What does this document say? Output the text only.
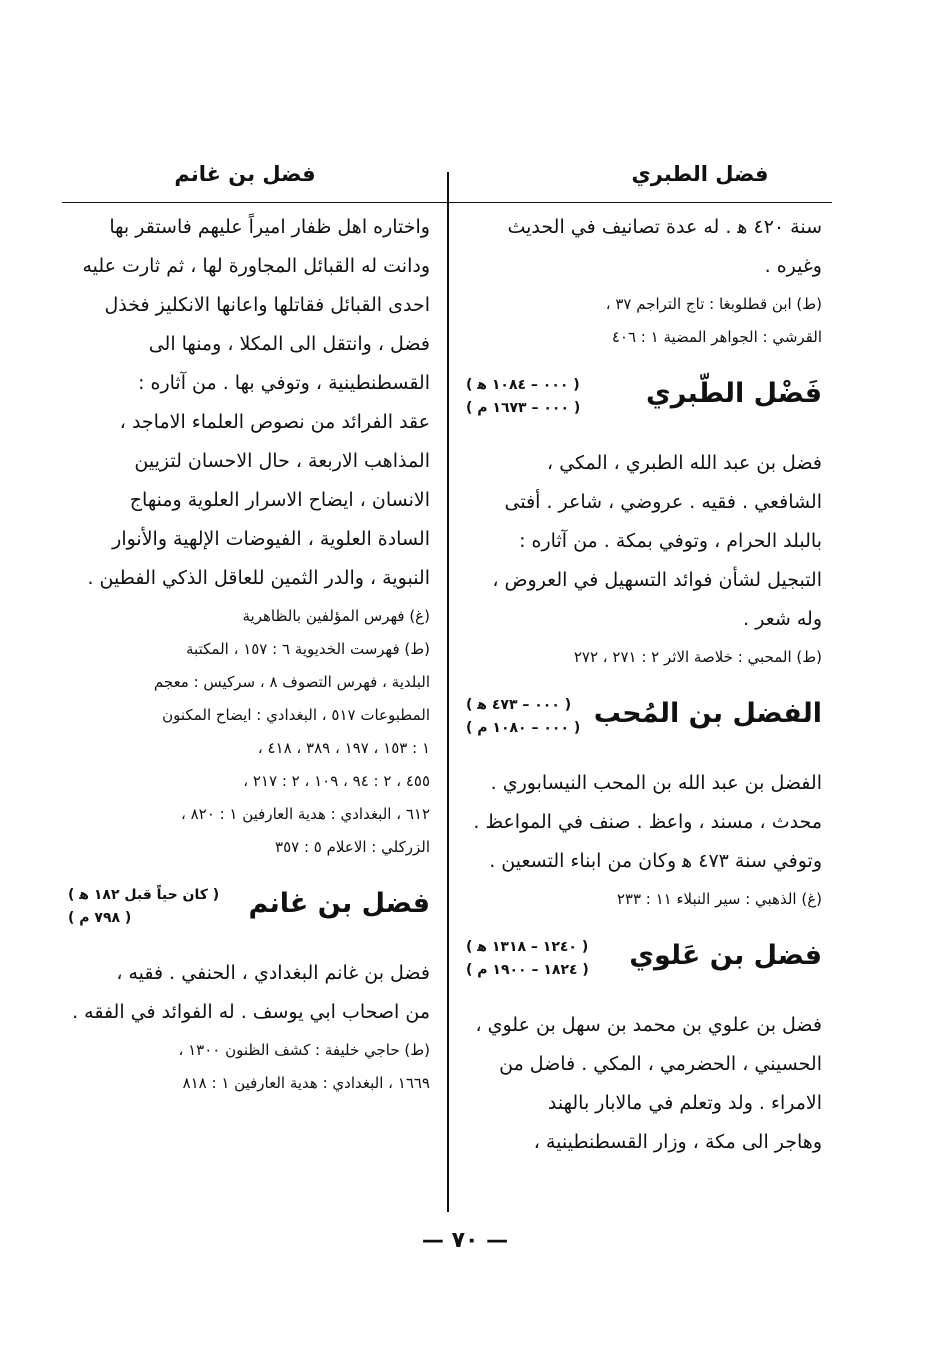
فضل الطبري
فضل بن غانم

سنة ٤٢٠ ﻫ . له عدة تصانيف في الحديث

وغيره .

(ط) ابن قطلوبغا : تاج التراجم ٣٧ ،

القرشي : الجواهر المضية ١ : ٤٠٦

فَضْل الطّبري
( ٠٠٠ – ١٠٨٤ ﻫ )
( ٠٠٠ – ١٦٧٣ م )

فضل بن عبد الله الطبري ، المكي ،

الشافعي . فقيه . عروضي ، شاعر . أفتى

بالبلد الحرام ، وتوفي بمكة . من آثاره :

التبجيل لشأن فوائد التسهيل في العروض ،

وله شعر .

(ط) المحبي : خلاصة الاثر ٢ : ٢٧١ ، ٢٧٢

الفضل بن المُحب
( ٠٠٠ – ٤٧٣ ﻫ )
( ٠٠٠ – ١٠٨٠ م )

الفضل بن عبد الله بن المحب النيسابوري .

محدث ، مسند ، واعظ . صنف في المواعظ .

وتوفي سنة ٤٧٣ ﻫ وكان من ابناء التسعين .

(غ) الذهبي : سير النبلاء ١١ : ٢٣٣

فضل بن عَلوي
( ١٢٤٠ – ١٣١٨ ﻫ )
( ١٨٢٤ – ١٩٠٠ م )

فضل بن علوي بن محمد بن سهل بن علوي ،

الحسيني ، الحضرمي ، المكي . فاضل من

الامراء . ولد وتعلم في مالابار بالهند

وهاجر الى مكة ، وزار القسطنطينية ،

واختاره اهل ظفار اميراً عليهم فاستقر بها

ودانت له القبائل المجاورة لها ، ثم ثارت عليه

احدى القبائل فقاتلها واعانها الانكليز فخذل

فضل ، وانتقل الى المكلا ، ومنها الى

القسطنطينية ، وتوفي بها . من آثاره :

عقد الفرائد من نصوص العلماء الاماجد ،

المذاهب الاربعة ، حال الاحسان لتزيين

الانسان ، ايضاح الاسرار العلوية ومنهاج

السادة العلوية ، الفيوضات الإلهية والأنوار

النبوية ، والدر الثمين للعاقل الذكي الفطين .

(غ) فهرس المؤلفين بالظاهرية

(ط) فهرست الخديوية ٦ : ١٥٧ ، المكتبة

البلدية ، فهرس التصوف ٨ ، سركيس : معجم

المطبوعات ٥١٧ ، البغدادي : ايضاح المكنون

١ : ١٥٣ ، ١٩٧ ، ٣٨٩ ، ٤١٨ ،

٤٥٥ ، ٢ : ٩٤ ، ١٠٩ ، ٢ : ٢١٧ ،

٦١٢ ، البغدادي : هدية العارفين ١ : ٨٢٠ ،

الزركلي : الاعلام ٥ : ٣٥٧

فضل بن غانم
( كان حياً قبل ١٨٢ ﻫ )
( ٧٩٨ م )

فضل بن غانم البغدادي ، الحنفي . فقيه ،

من اصحاب ابي يوسف . له الفوائد في الفقه .

(ط) حاجي خليفة : كشف الظنون ١٣٠٠ ،

١٦٦٩ ، البغدادي : هدية العارفين ١ : ٨١٨

— ٧٠ —
